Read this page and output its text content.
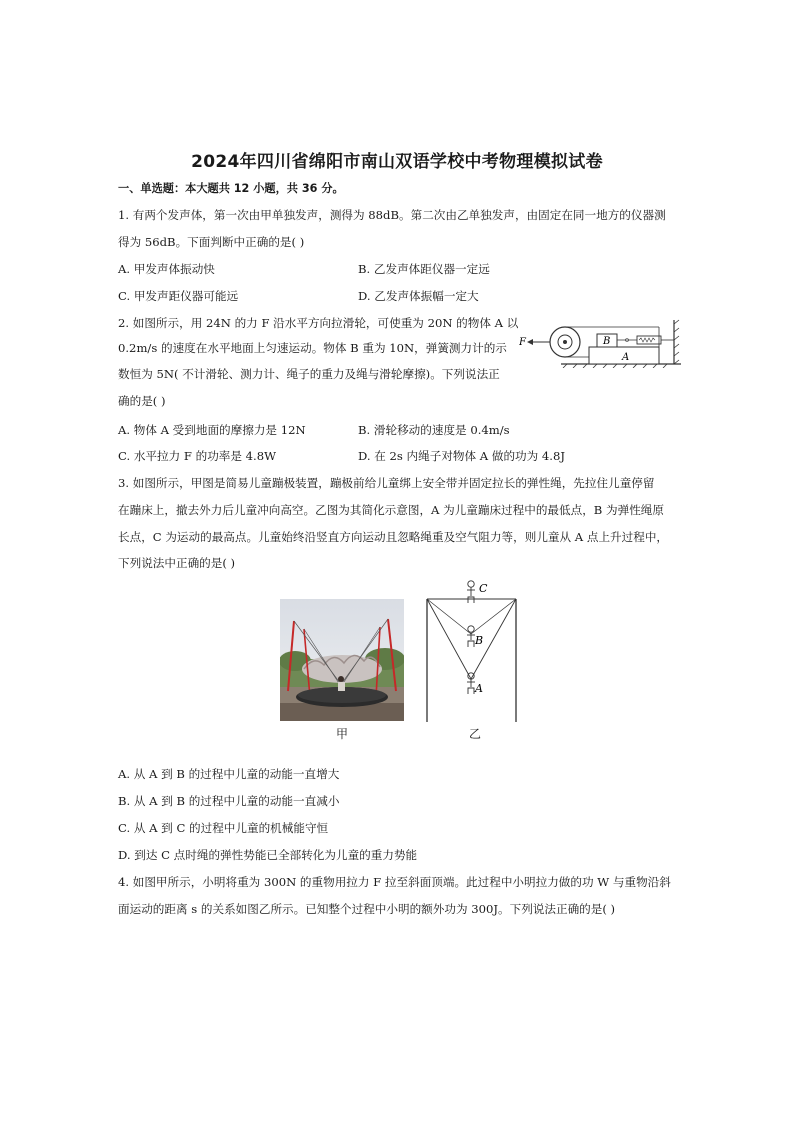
2024年四川省绵阳市南山双语学校中考物理模拟试卷
一、单选题：本大题共 12 小题，共 36 分。
1. 有两个发声体，第一次由甲单独发声，测得为 88dB。第二次由乙单独发声，由固定在同一地方的仪器测
得为 56dB。下面判断中正确的是( )
A. 甲发声体振动快	B. 乙发声体距仪器一定远
C. 甲发声距仪器可能远	D. 乙发声体振幅一定大
2. 如图所示，用 24N 的力 F 沿水平方向拉滑轮，可使重为 20N 的物体 A 以
0.2m/s 的速度在水平地面上匀速运动。物体 B 重为 10N，弹簧测力计的示
数恒为 5N( 不计滑轮、测力计、绳子的重力及绳与滑轮摩擦)。下列说法正
确的是( )
A
B
F
A. 物体 A 受到地面的摩擦力是 12N	B. 滑轮移动的速度是 0.4m/s
C. 水平拉力 F 的功率是 4.8W	D. 在 2s 内绳子对物体 A 做的功为 4.8J
3. 如图所示，甲图是简易儿童蹦极装置，蹦极前给儿童绑上安全带并固定拉长的弹性绳，先拉住儿童停留
在蹦床上，撤去外力后儿童冲向高空。乙图为其简化示意图，A 为儿童蹦床过程中的最低点，B 为弹性绳原
长点，C 为运动的最高点。儿童始终沿竖直方向运动且忽略绳重及空气阻力等，则儿童从 A 点上升过程中，
下列说法中正确的是( )
甲
C
B
A
乙
A. 从 A 到 B 的过程中儿童的动能一直增大
B. 从 A 到 B 的过程中儿童的动能一直减小
C. 从 A 到 C 的过程中儿童的机械能守恒
D. 到达 C 点时绳的弹性势能已全部转化为儿童的重力势能
4. 如图甲所示，小明将重为 300N 的重物用拉力 F 拉至斜面顶端。此过程中小明拉力做的功 W 与重物沿斜
面运动的距离 s 的关系如图乙所示。已知整个过程中小明的额外功为 300J。下列说法正确的是( )
